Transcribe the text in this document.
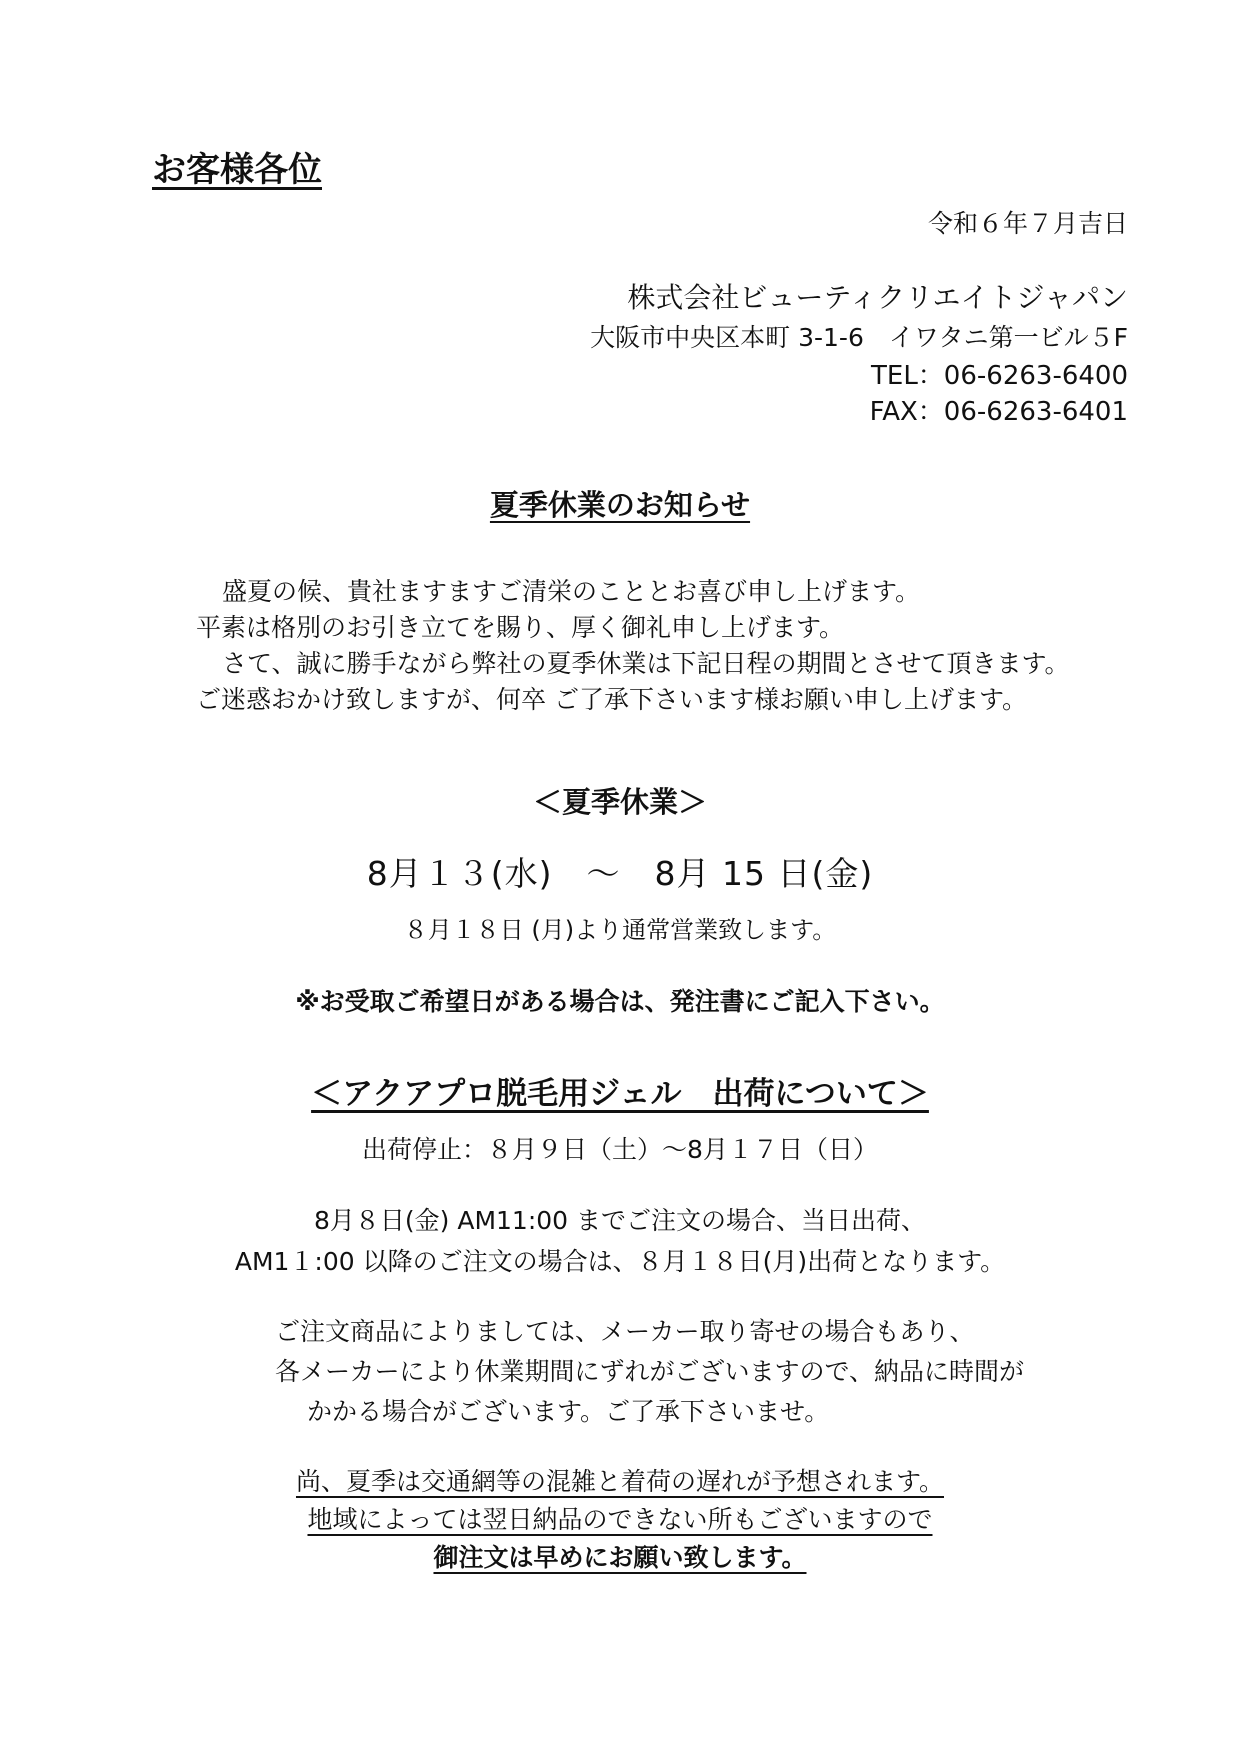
お客様各位
令和６年７月吉日
株式会社ビューティクリエイトジャパン
大阪市中央区本町 3-1-6　イワタニ第一ビル５F
TEL：06-6263-6400
FAX：06-6263-6401
夏季休業のお知らせ

盛夏の候、貴社ますますご清栄のこととお喜び申し上げます。

平素は格別のお引き立てを賜り、厚く御礼申し上げます。

さて、誠に勝手ながら弊社の夏季休業は下記日程の期間とさせて頂きます。

ご迷惑おかけ致しますが、何卒 ご了承下さいます様お願い申し上げます。

＜夏季休業＞
8月１３(水)　～　8月 15 日(金)
８月１８日 (月)より通常営業致します。
※お受取ご希望日がある場合は、発注書にご記入下さい。
＜アクアプロ脱毛用ジェル　出荷について＞
出荷停止：８月９日（土）～8月１７日（日）

8月８日(金) AM11:00 までご注文の場合、当日出荷、

AM1１:00 以降のご注文の場合は、８月１８日(月)出荷となります。

ご注文商品によりましては、メーカー取り寄せの場合もあり、

各メーカーにより休業期間にずれがございますので、納品に時間が

かかる場合がございます。ご了承下さいませ。

尚、夏季は交通網等の混雑と着荷の遅れが予想されます。

地域によっては翌日納品のできない所もございますので

御注文は早めにお願い致します。
